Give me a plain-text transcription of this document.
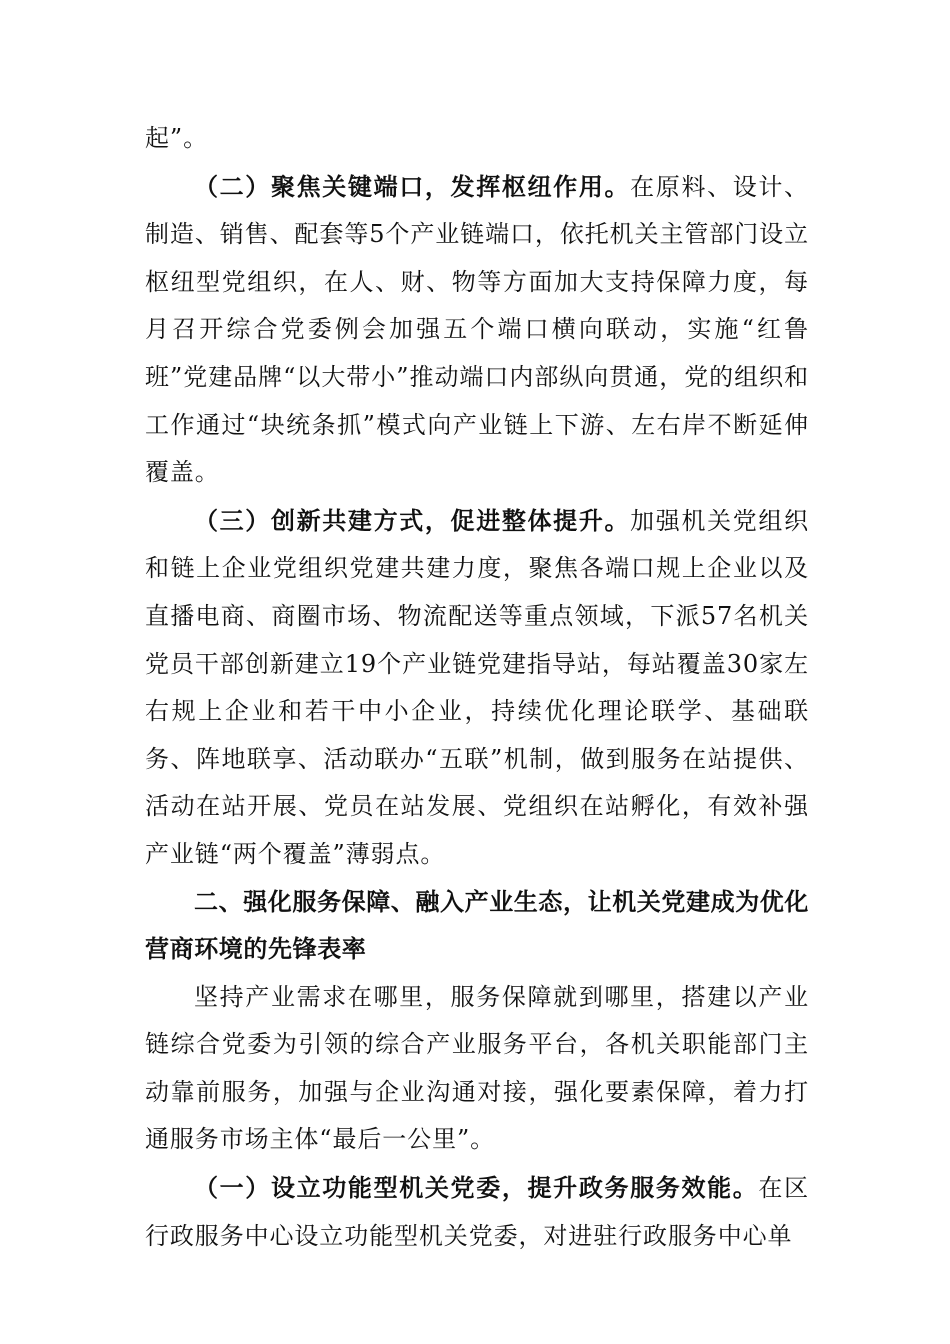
起”。

（二）聚焦关键端口，发挥枢纽作用。在原料、设计、制造、销售、配套等5个产业链端口，依托机关主管部门设立枢纽型党组织，在人、财、物等方面加大支持保障力度，每月召开综合党委例会加强五个端口横向联动，实施“红鲁班”党建品牌“以大带小”推动端口内部纵向贯通，党的组织和工作通过“块统条抓”模式向产业链上下游、左右岸不断延伸覆盖。

（三）创新共建方式，促进整体提升。加强机关党组织和链上企业党组织党建共建力度，聚焦各端口规上企业以及直播电商、商圈市场、物流配送等重点领域，下派57名机关党员干部创新建立19个产业链党建指导站，每站覆盖30家左右规上企业和若干中小企业，持续优化理论联学、基础联务、阵地联享、活动联办“五联”机制，做到服务在站提供、活动在站开展、党员在站发展、党组织在站孵化，有效补强产业链“两个覆盖”薄弱点。

二、强化服务保障、融入产业生态，让机关党建成为优化营商环境的先锋表率

坚持产业需求在哪里，服务保障就到哪里，搭建以产业链综合党委为引领的综合产业服务平台，各机关职能部门主动靠前服务，加强与企业沟通对接，强化要素保障，着力打通服务市场主体“最后一公里”。

（一）设立功能型机关党委，提升政务服务效能。在区行政服务中心设立功能型机关党委，对进驻行政服务中心单
